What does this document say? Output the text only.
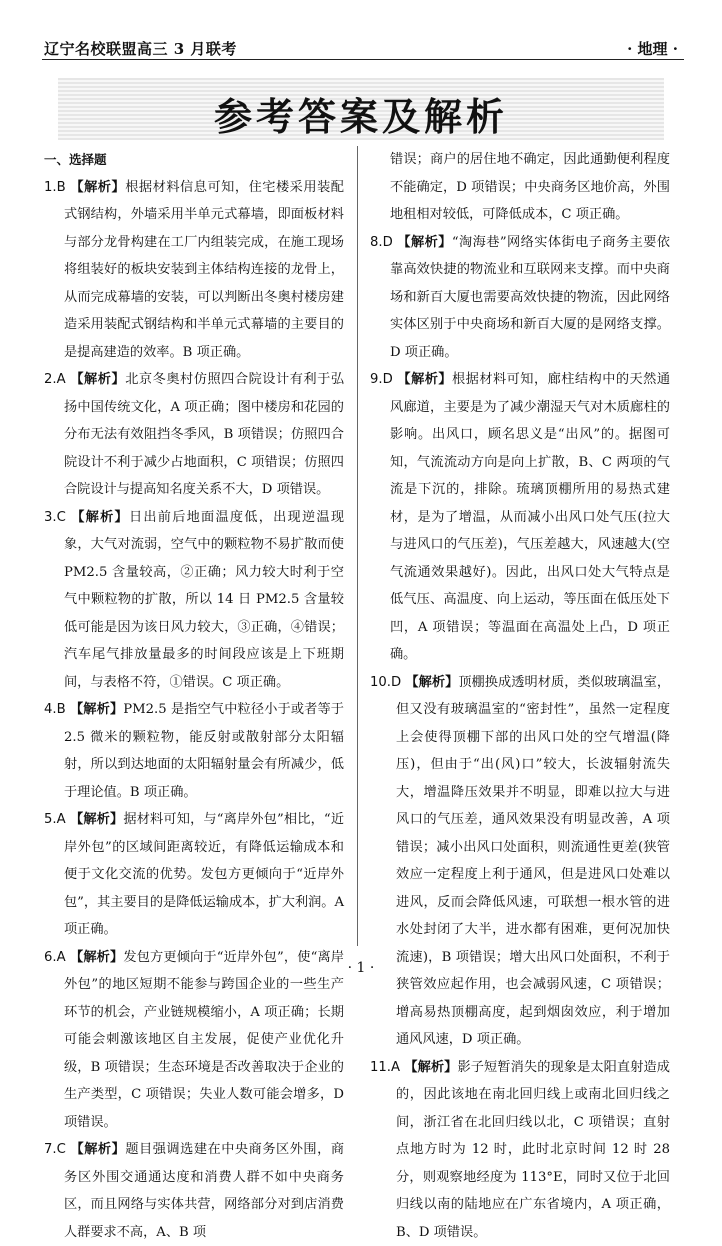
辽宁名校联盟高三 3 月联考	· 地理 ·
参考答案及解析
一、选择题
1.B 【解析】根据材料信息可知，住宅楼采用装配式钢结构，外墙采用半单元式幕墙，即面板材料与部分龙骨构建在工厂内组装完成，在施工现场将组装好的板块安装到主体结构连接的龙骨上，从而完成幕墙的安装，可以判断出冬奥村楼房建造采用装配式钢结构和半单元式幕墙的主要目的是提高建造的效率。B 项正确。
2.A 【解析】北京冬奥村仿照四合院设计有利于弘扬中国传统文化，A 项正确；图中楼房和花园的分布无法有效阻挡冬季风，B 项错误；仿照四合院设计不利于减少占地面积，C 项错误；仿照四合院设计与提高知名度关系不大，D 项错误。
3.C 【解析】日出前后地面温度低，出现逆温现象，大气对流弱，空气中的颗粒物不易扩散而使 PM2.5 含量较高，②正确；风力较大时利于空气中颗粒物的扩散，所以 14 日 PM2.5 含量较低可能是因为该日风力较大，③正确，④错误；汽车尾气排放量最多的时间段应该是上下班期间，与表格不符，①错误。C 项正确。
4.B 【解析】PM2.5 是指空气中粒径小于或者等于 2.5 微米的颗粒物，能反射或散射部分太阳辐射，所以到达地面的太阳辐射量会有所减少，低于理论值。B 项正确。
5.A 【解析】据材料可知，与“离岸外包”相比，“近岸外包”的区域间距离较近，有降低运输成本和便于文化交流的优势。发包方更倾向于“近岸外包”，其主要目的是降低运输成本，扩大利润。A 项正确。
6.A 【解析】发包方更倾向于“近岸外包”，使“离岸外包”的地区短期不能参与跨国企业的一些生产环节的机会，产业链规模缩小，A 项正确；长期可能会刺激该地区自主发展，促使产业优化升级，B 项错误；生态环境是否改善取决于企业的生产类型，C 项错误；失业人数可能会增多，D 项错误。
7.C 【解析】题目强调选建在中央商务区外围，商务区外围交通通达度和消费人群不如中央商务区，而且网络与实体共营，网络部分对到店消费人群要求不高，A、B 项
错误；商户的居住地不确定，因此通勤便利程度不能确定，D 项错误；中央商务区地价高，外围地租相对较低，可降低成本，C 项正确。
8.D 【解析】“淘海巷”网络实体街电子商务主要依靠高效快捷的物流业和互联网来支撑。而中央商场和新百大厦也需要高效快捷的物流，因此网络实体区别于中央商场和新百大厦的是网络支撑。D 项正确。
9.D 【解析】根据材料可知，廊柱结构中的天然通风廊道，主要是为了减少潮湿天气对木质廊柱的影响。出风口，顾名思义是“出风”的。据图可知，气流流动方向是向上扩散，B、C 两项的气流是下沉的，排除。琉璃顶棚所用的易热式建材，是为了增温，从而减小出风口处气压(拉大与进风口的气压差)，气压差越大，风速越大(空气流通效果越好)。因此，出风口处大气特点是低气压、高温度、向上运动，等压面在低压处下凹，A 项错误；等温面在高温处上凸，D 项正确。
10.D 【解析】顶棚换成透明材质，类似玻璃温室，但又没有玻璃温室的“密封性”，虽然一定程度上会使得顶棚下部的出风口处的空气增温(降压)，但由于“出(风)口”较大，长波辐射流失大，增温降压效果并不明显，即难以拉大与进风口的气压差，通风效果没有明显改善，A 项错误；减小出风口处面积，则流通性更差(狭管效应一定程度上利于通风，但是进风口处难以进风，反而会降低风速，可联想一根水管的进水处封闭了大半，进水都有困难，更何况加快流速)，B 项错误；增大出风口处面积，不利于狭管效应起作用，也会减弱风速，C 项错误；增高易热顶棚高度，起到烟囱效应，利于增加通风风速，D 项正确。
11.A 【解析】影子短暂消失的现象是太阳直射造成的，因此该地在南北回归线上或南北回归线之间，浙江省在北回归线以北，C 项错误；直射点地方时为 12 时，此时北京时间 12 时 28 分，则观察地经度为 113°E，同时又位于北回归线以南的陆地应在广东省境内，A 项正确，B、D 项错误。
· 1 ·
